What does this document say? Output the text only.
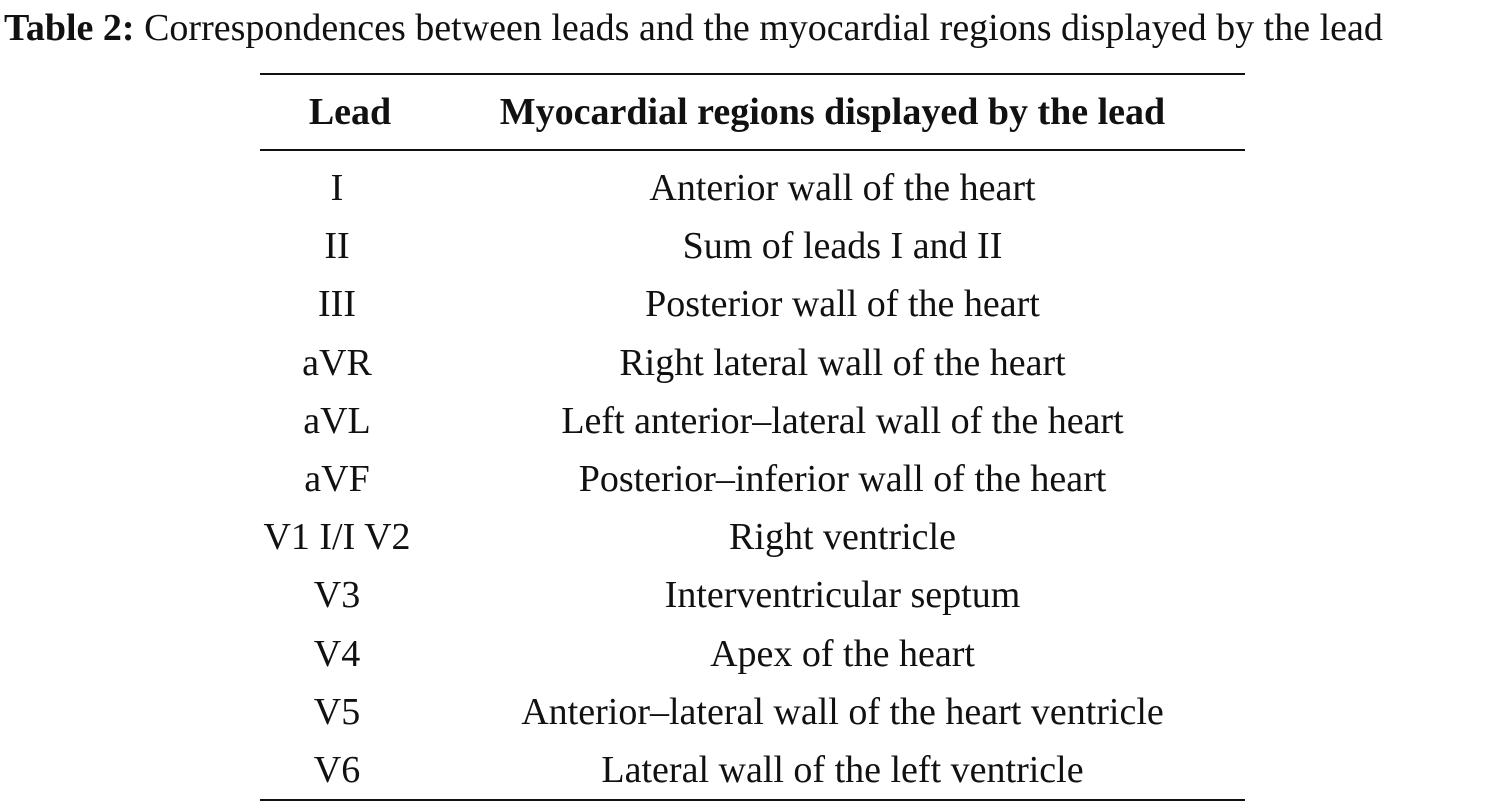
Table 2: Correspondences between leads and the myocardial regions displayed by the lead
Lead	Myocardial regions displayed by the lead
I	Anterior wall of the heart
II	Sum of leads I and II
III	Posterior wall of the heart
aVR	Right lateral wall of the heart
aVL	Left anterior–lateral wall of the heart
aVF	Posterior–inferior wall of the heart
V1 I/I V2	Right ventricle
V3	Interventricular septum
V4	Apex of the heart
V5	Anterior–lateral wall of the heart ventricle
V6	Lateral wall of the left ventricle
